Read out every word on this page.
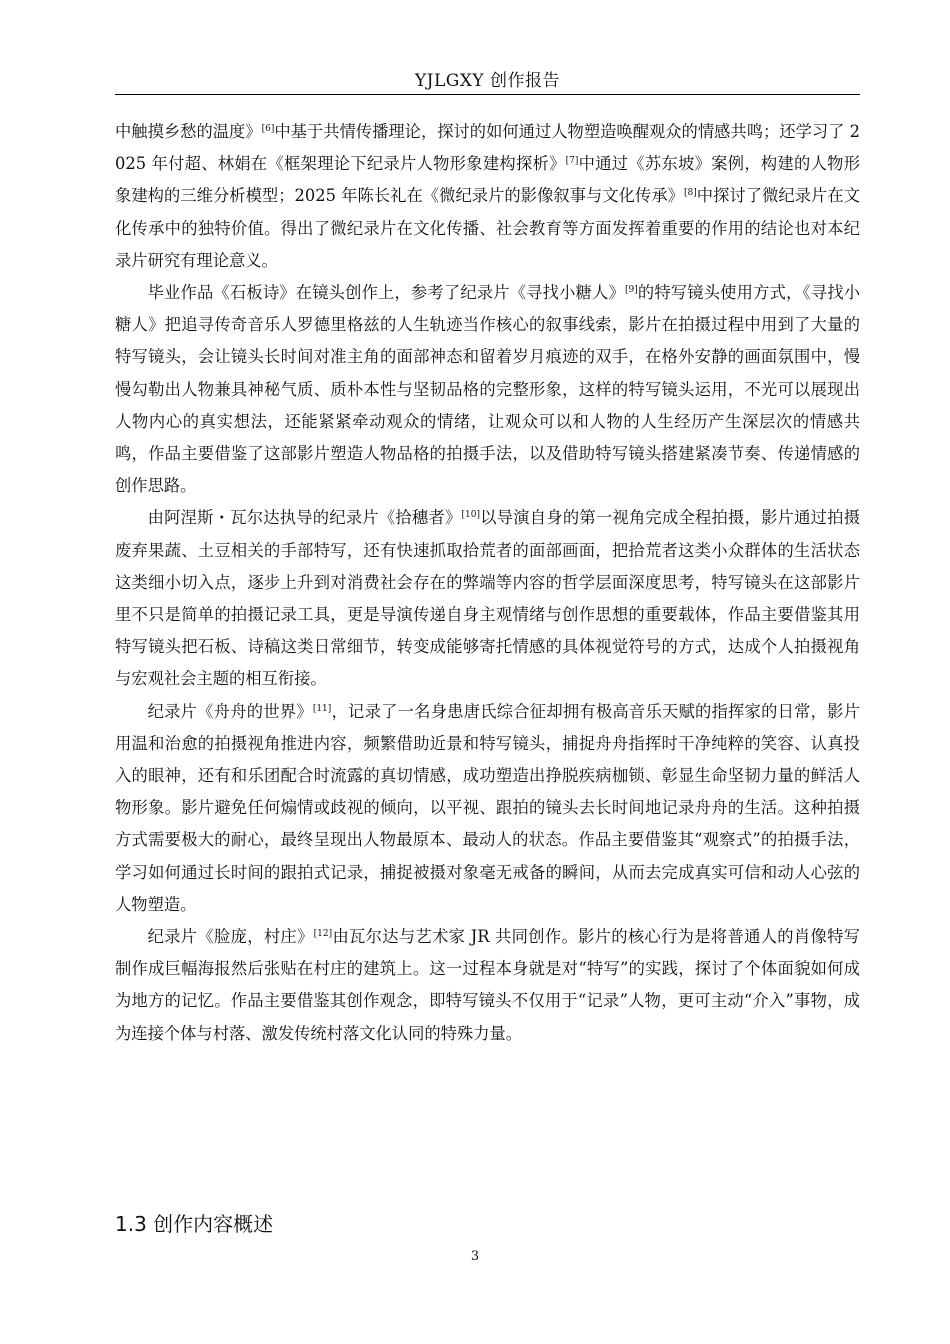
YJLGXY 创作报告

中触摸乡愁的温度》[6]中基于共情传播理论，探讨的如何通过人物塑造唤醒观众的情感共鸣；还学习了 2025 年付超、林娟在《框架理论下纪录片人物形象建构探析》[7]中通过《苏东坡》案例，构建的人物形象建构的三维分析模型；2025 年陈长礼在《微纪录片的影像叙事与文化传承》[8]中探讨了微纪录片在文化传承中的独特价值。得出了微纪录片在文化传播、社会教育等方面发挥着重要的作用的结论也对本纪录片研究有理论意义。

毕业作品《石板诗》在镜头创作上，参考了纪录片《寻找小糖人》[9]的特写镜头使用方式，《寻找小糖人》把追寻传奇音乐人罗德里格兹的人生轨迹当作核心的叙事线索，影片在拍摄过程中用到了大量的特写镜头，会让镜头长时间对准主角的面部神态和留着岁月痕迹的双手，在格外安静的画面氛围中，慢慢勾勒出人物兼具神秘气质、质朴本性与坚韧品格的完整形象，这样的特写镜头运用，不光可以展现出人物内心的真实想法，还能紧紧牵动观众的情绪，让观众可以和人物的人生经历产生深层次的情感共鸣，作品主要借鉴了这部影片塑造人物品格的拍摄手法，以及借助特写镜头搭建紧凑节奏、传递情感的创作思路。

由阿涅斯・瓦尔达执导的纪录片《拾穗者》[10]以导演自身的第一视角完成全程拍摄，影片通过拍摄废弃果蔬、土豆相关的手部特写，还有快速抓取拾荒者的面部画面，把拾荒者这类小众群体的生活状态这类细小切入点，逐步上升到对消费社会存在的弊端等内容的哲学层面深度思考，特写镜头在这部影片里不只是简单的拍摄记录工具，更是导演传递自身主观情绪与创作思想的重要载体，作品主要借鉴其用特写镜头把石板、诗稿这类日常细节，转变成能够寄托情感的具体视觉符号的方式，达成个人拍摄视角与宏观社会主题的相互衔接。

纪录片《舟舟的世界》[11]，记录了一名身患唐氏综合征却拥有极高音乐天赋的指挥家的日常，影片用温和治愈的拍摄视角推进内容，频繁借助近景和特写镜头，捕捉舟舟指挥时干净纯粹的笑容、认真投入的眼神，还有和乐团配合时流露的真切情感，成功塑造出挣脱疾病枷锁、彰显生命坚韧力量的鲜活人物形象。影片避免任何煽情或歧视的倾向，以平视、跟拍的镜头去长时间地记录舟舟的生活。这种拍摄方式需要极大的耐心，最终呈现出人物最原本、最动人的状态。作品主要借鉴其“观察式”的拍摄手法，学习如何通过长时间的跟拍式记录，捕捉被摄对象毫无戒备的瞬间，从而去完成真实可信和动人心弦的人物塑造。

纪录片《脸庞，村庄》[12]由瓦尔达与艺术家 JR 共同创作。影片的核心行为是将普通人的肖像特写制作成巨幅海报然后张贴在村庄的建筑上。这一过程本身就是对“特写”的实践，探讨了个体面貌如何成为地方的记忆。作品主要借鉴其创作观念，即特写镜头不仅用于“记录”人物，更可主动“介入”事物，成为连接个体与村落、激发传统村落文化认同的特殊力量。

1.3 创作内容概述
3
